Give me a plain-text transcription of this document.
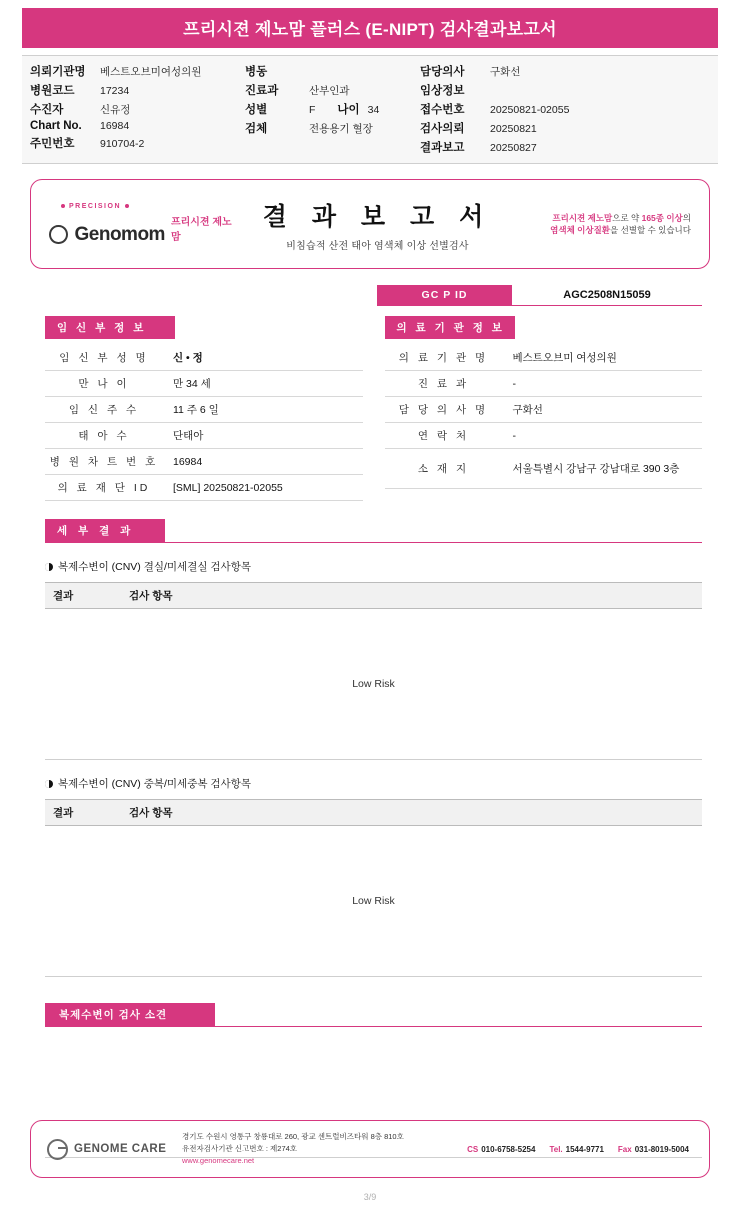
프리시젼 제노맘 플러스 (E-NIPT) 검사결과보고서
의뢰기관명	베스트오브미여성의원
병원코드	17234
수진자	신유정
Chart No.	16984
주민번호	910704-2
병동
진료과	산부인과
성별	F 나이 34
검체	전용용기 혈장
담당의사	구화선
임상정보
접수번호	20250821-02055
검사의뢰	20250821
결과보고	20250827
PRECISION
Genomom
프리시젼 제노맘
결 과 보 고 서
비침습적 산전 태아 염색체 이상 선별검사
프리시젼 제노맘으로 약 165종 이상의
염색체 이상질환을 선별할 수 있습니다
GC P ID	AGC2508N15059
임 신 부 정 보
임 신 부 성 명	신 • 정
만 나 이	만 34 세
임 신 주 수	11 주 6 일
태 아 수	단태아
병 원 차 트 번 호	16984
의 료 재 단 ID	[SML] 20250821-02055
의 료 기 관 정 보
의 료 기 관 명	베스트오브미 여성의원
진 료 과	-
담 당 의 사 명	구화선
연 락 처	-
소 재 지	서울특별시 강남구 강남대로 390 3층
세 부 결 과
복제수변이 (CNV) 결실/미세결실 검사항목
결과	검사 항목
Low Risk
복제수변이 (CNV) 중복/미세중복 검사항목
결과	검사 항목
Low Risk
복제수변이 검사 소견
GENOME CARE
경기도 수원시 영통구 창룡대로 260, 광교 센트럴비즈타워 8층 810호
유전자검사기관 신고번호 : 제274호
www.genomecare.net
CS 010-6758-5254 Tel. 1544-9771 Fax 031-8019-5004
3/9
